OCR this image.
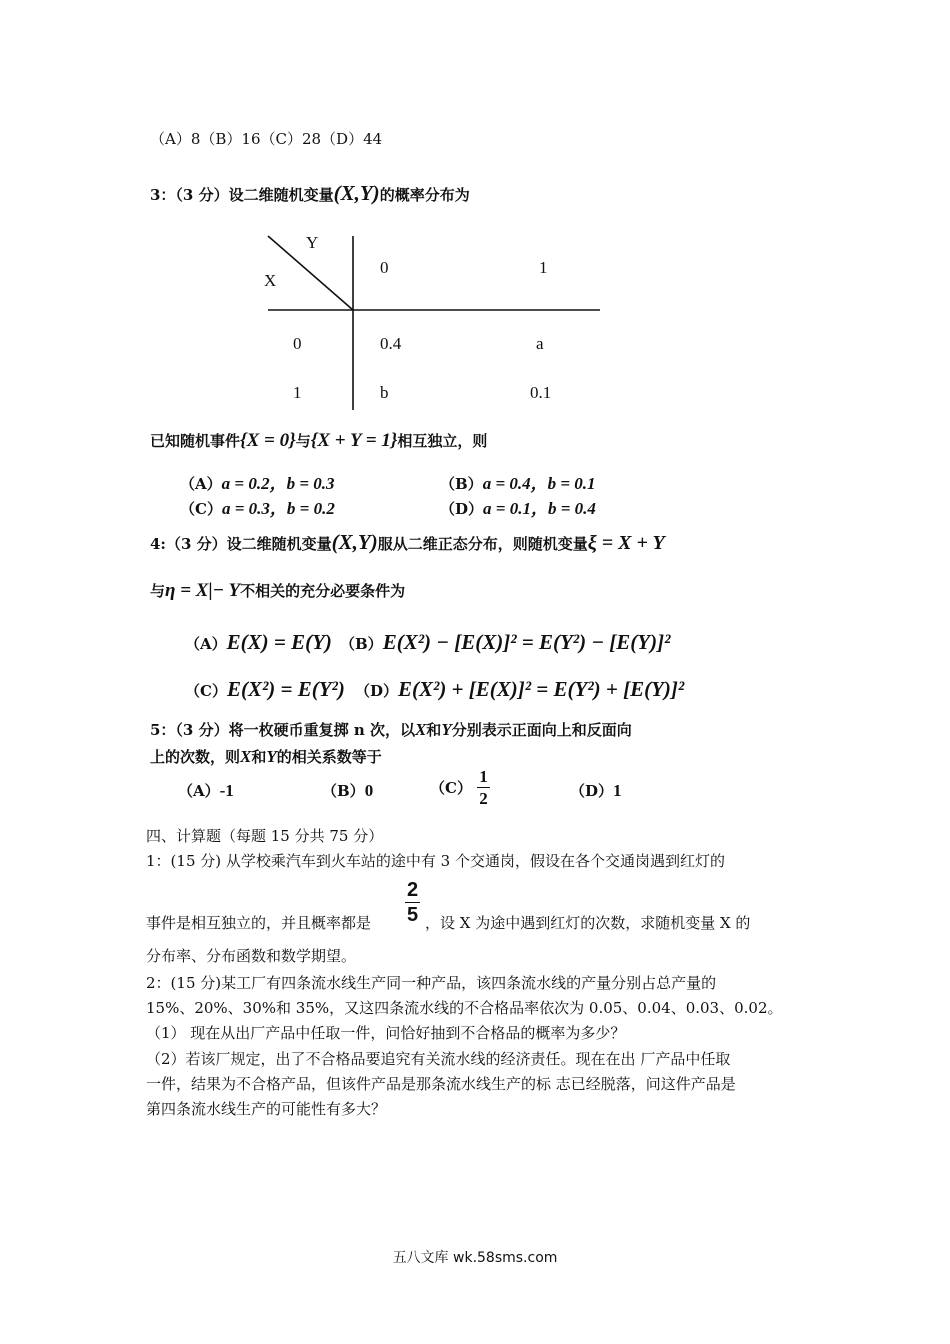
（A）8（B）16（C）28（D）44
3：（3 分）设二维随机变量(X,Y)的概率分布为
Y
X
0	1
0	0.4	a
1	b	0.1
已知随机事件{X = 0}与{X + Y = 1}相互独立，则
（A）a = 0.2，b = 0.3	（B）a = 0.4，b = 0.1
（C）a = 0.3，b = 0.2	（D）a = 0.1，b = 0.4
4:（3 分）设二维随机变量(X,Y)服从二维正态分布，则随机变量ξ = X + Y
与η = X|− Y不相关的充分必要条件为
（A）E(X) = E(Y) （B）E(X²) − [E(X)]² = E(Y²) − [E(Y)]²
（C）E(X²) = E(Y²) （D）E(X²) + [E(X)]² = E(Y²) + [E(Y)]²
5：（3 分）将一枚硬币重复掷 n 次，以X和Y分别表示正面向上和反面向
上的次数，则X和Y的相关系数等于
（A）-1	（B）0	$(C) \frac{1}{2}$	（D）1
四、计算题（每题 15 分共 75 分）
1：(15 分) 从学校乘汽车到火车站的途中有 3 个交通岗，假设在各个交通岗遇到红灯的
$\frac{2}{5}$
事件是相互独立的，并且概率都是	，设 X 为途中遇到红灯的次数，求随机变量 X 的
分布率、分布函数和数学期望。
2：(15 分)某工厂有四条流水线生产同一种产品，该四条流水线的产量分别占总产量的
15%、20%、30%和 35%，又这四条流水线的不合格品率依次为 0.05、0.04、0.03、0.02。
（1） 现在从出厂产品中任取一件，问恰好抽到不合格品的概率为多少？
（2）若该厂规定，出了不合格品要追究有关流水线的经济责任。现在在出 厂产品中任取
一件，结果为不合格产品，但该件产品是那条流水线生产的标 志已经脱落，问这件产品是
第四条流水线生产的可能性有多大？
五八文库 wk.58sms.com
